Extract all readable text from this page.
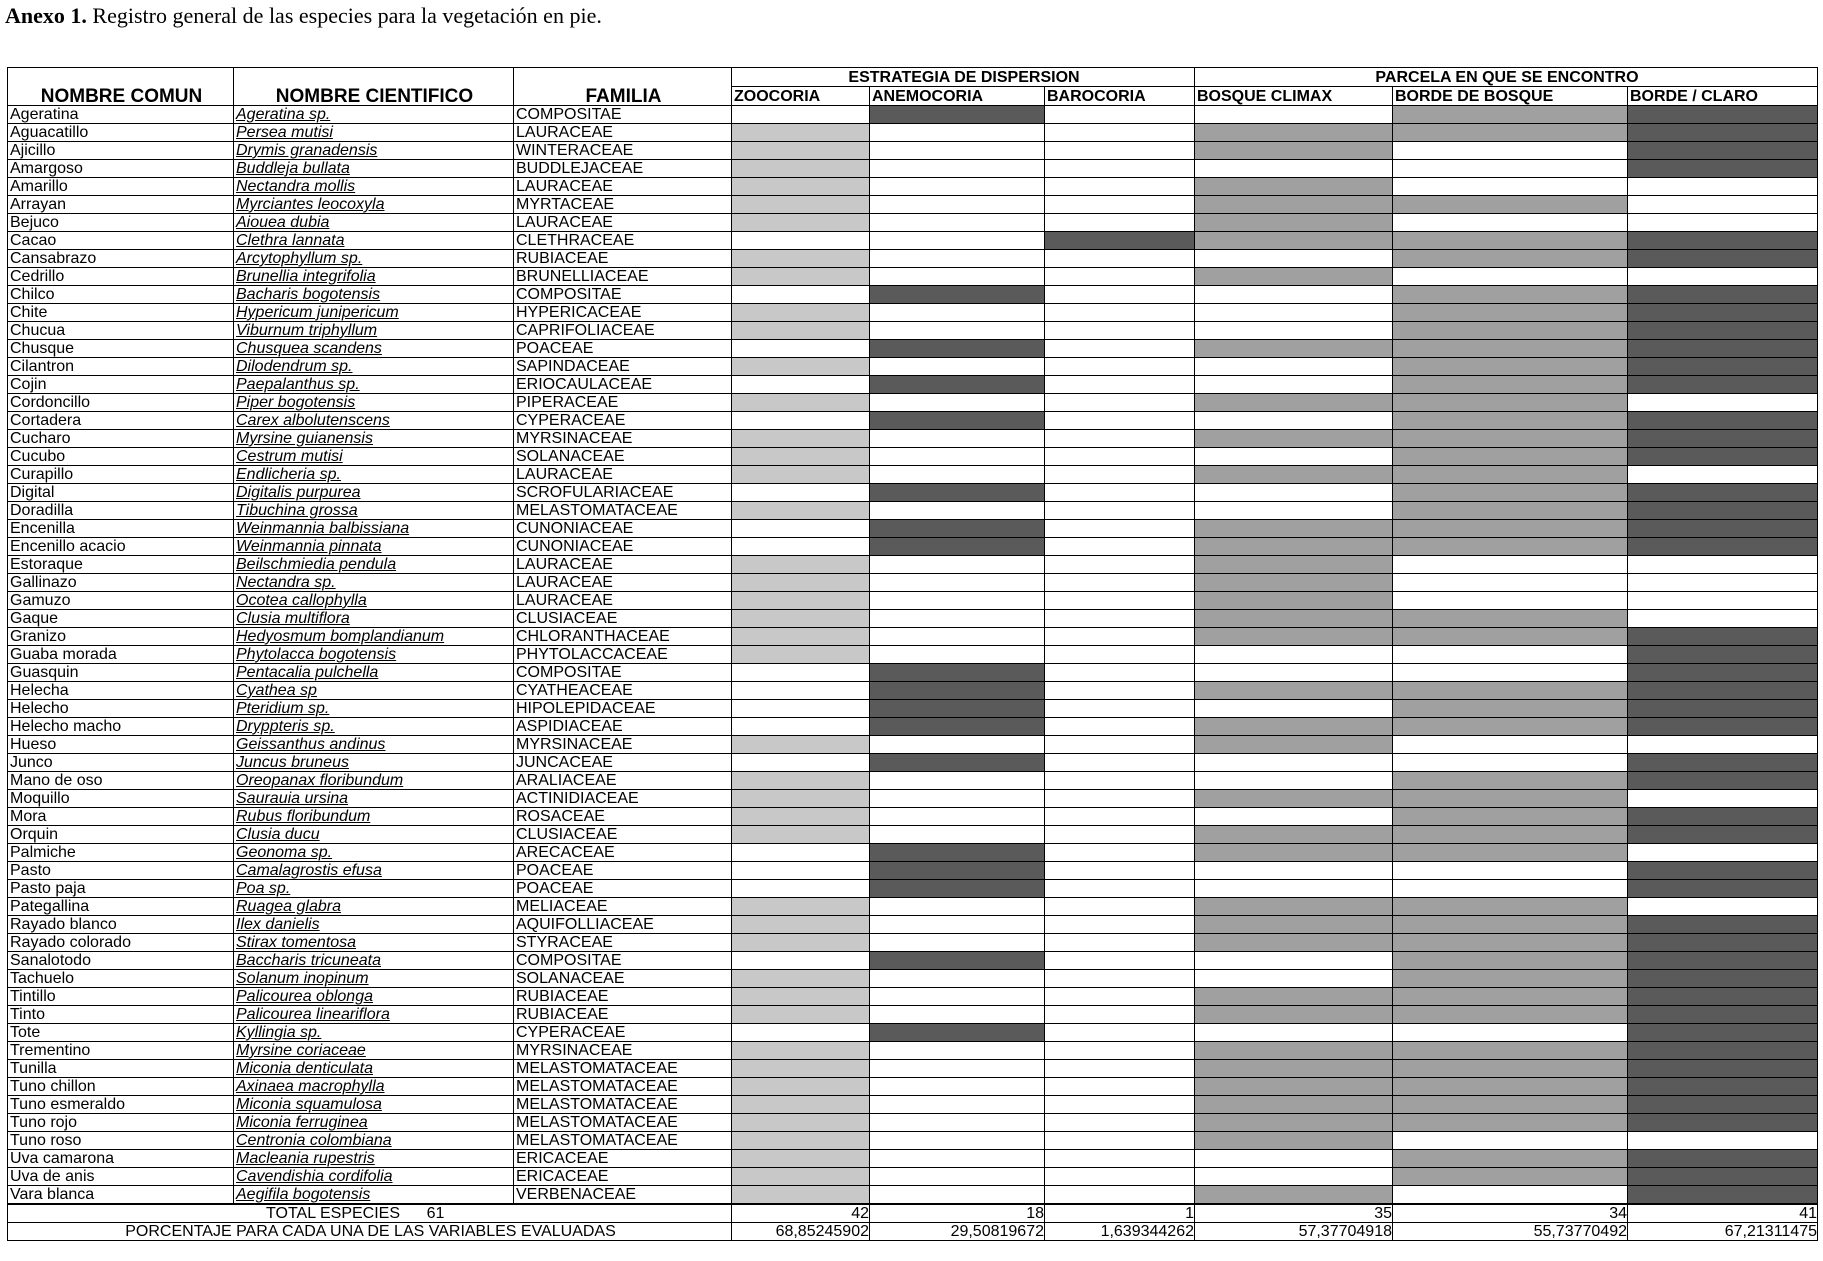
Anexo 1. Registro general de las especies para la vegetación en pie.
NOMBRE COMUN	NOMBRE CIENTIFICO	FAMILIA	ESTRATEGIA DE DISPERSION			PARCELA EN QUE SE ENCONTRO		
			ZOOCORIA	ANEMOCORIA	BAROCORIA	BOSQUE CLIMAX	BORDE DE BOSQUE	BORDE / CLARO
Ageratina	Ageratina sp.	COMPOSITAE						
Aguacatillo	Persea mutisi	LAURACEAE						
Ajicillo	Drymis granadensis	WINTERACEAE						
Amargoso	Buddleja bullata	BUDDLEJACEAE						
Amarillo	Nectandra mollis	LAURACEAE						
Arrayan	Myrciantes leocoxyla	MYRTACEAE						
Bejuco	Aiouea dubia	LAURACEAE						
Cacao	Clethra lannata	CLETHRACEAE						
Cansabrazo	Arcytophyllum sp.	RUBIACEAE						
Cedrillo	Brunellia integrifolia	BRUNELLIACEAE						
Chilco	Bacharis bogotensis	COMPOSITAE						
Chite	Hypericum junipericum	HYPERICACEAE						
Chucua	Viburnum triphyllum	CAPRIFOLIACEAE						
Chusque	Chusquea scandens	POACEAE						
Cilantron	Dilodendrum sp.	SAPINDACEAE						
Cojin	Paepalanthus sp.	ERIOCAULACEAE						
Cordoncillo	Piper bogotensis	PIPERACEAE						
Cortadera	Carex albolutenscens	CYPERACEAE						
Cucharo	Myrsine guianensis	MYRSINACEAE						
Cucubo	Cestrum mutisi	SOLANACEAE						
Curapillo	Endlicheria sp.	LAURACEAE						
Digital	Digitalis purpurea	SCROFULARIACEAE						
Doradilla	Tibuchina grossa	MELASTOMATACEAE						
Encenilla	Weinmannia balbissiana	CUNONIACEAE						
Encenillo acacio	Weinmannia pinnata	CUNONIACEAE						
Estoraque	Beilschmiedia pendula	LAURACEAE						
Gallinazo	Nectandra sp.	LAURACEAE						
Gamuzo	Ocotea callophylla	LAURACEAE						
Gaque	Clusia multiflora	CLUSIACEAE						
Granizo	Hedyosmum bomplandianum	CHLORANTHACEAE						
Guaba morada	Phytolacca bogotensis	PHYTOLACCACEAE						
Guasquin	Pentacalia pulchella	COMPOSITAE						
Helecha	Cyathea sp	CYATHEACEAE						
Helecho	Pteridium sp.	HIPOLEPIDACEAE						
Helecho macho	Dryppteris sp.	ASPIDIACEAE						
Hueso	Geissanthus andinus	MYRSINACEAE						
Junco	Juncus bruneus	JUNCACEAE						
Mano de oso	Oreopanax floribundum	ARALIACEAE						
Moquillo	Saurauia ursina	ACTINIDIACEAE						
Mora	Rubus floribundum	ROSACEAE						
Orquin	Clusia ducu	CLUSIACEAE						
Palmiche	Geonoma sp.	ARECACEAE						
Pasto	Camalagrostis efusa	POACEAE						
Pasto paja	Poa sp.	POACEAE						
Pategallina	Ruagea glabra	MELIACEAE						
Rayado blanco	Ilex danielis	AQUIFOLLIACEAE						
Rayado colorado	Stirax tomentosa	STYRACEAE						
Sanalotodo	Baccharis tricuneata	COMPOSITAE						
Tachuelo	Solanum inopinum	SOLANACEAE						
Tintillo	Palicourea oblonga	RUBIACEAE						
Tinto	Palicourea lineariflora	RUBIACEAE						
Tote	Kyllingia sp.	CYPERACEAE						
Trementino	Myrsine coriaceae	MYRSINACEAE						
Tunilla	Miconia denticulata	MELASTOMATACEAE						
Tuno chillon	Axinaea macrophylla	MELASTOMATACEAE						
Tuno esmeraldo	Miconia squamulosa	MELASTOMATACEAE						
Tuno rojo	Miconia ferruginea	MELASTOMATACEAE						
Tuno roso	Centronia colombiana	MELASTOMATACEAE						
Uva camarona	Macleania rupestris	ERICACEAE						
Uva de anis	Cavendishia cordifolia	ERICACEAE						
Vara blanca	Aegifila bogotensis	VERBENACEAE						
TOTAL ESPECIES 61			42	18	1	35	34	41
PORCENTAJE PARA CADA UNA DE LAS VARIABLES EVALUADAS			68,85245902	29,50819672	1,639344262	57,37704918	55,73770492	67,21311475
